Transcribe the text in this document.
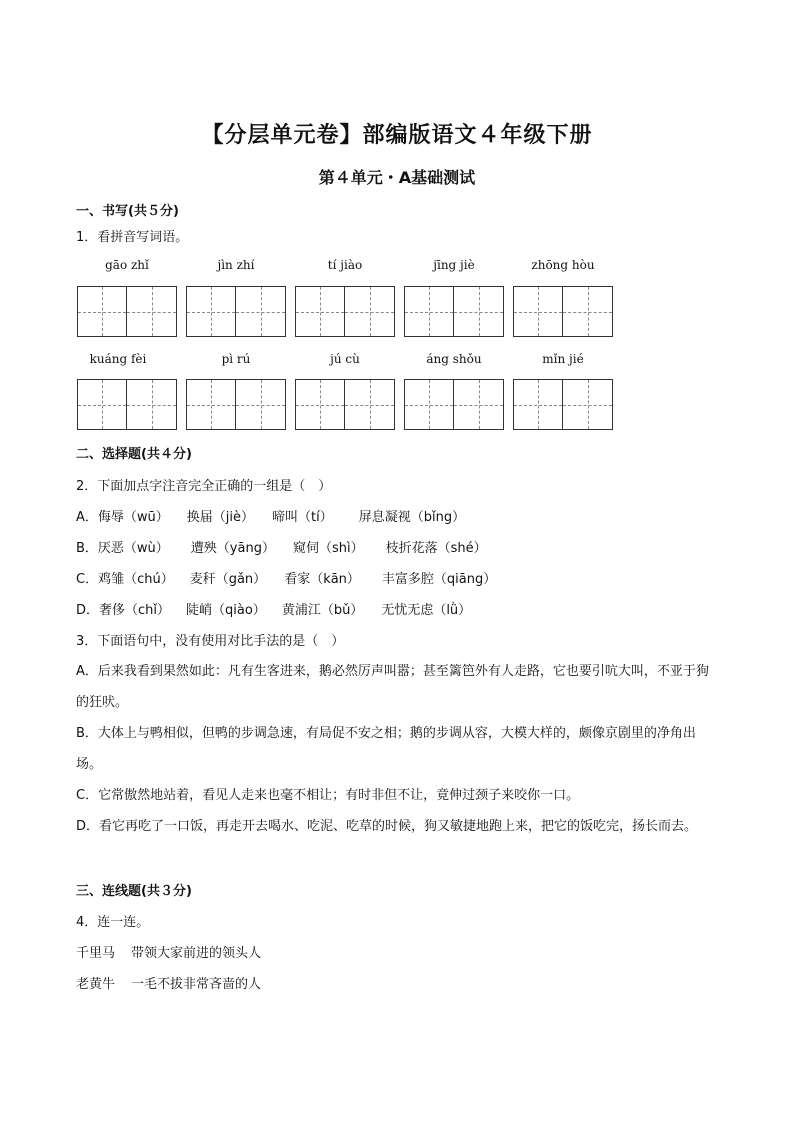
【分层单元卷】部编版语文４年级下册
第４单元・A基础测试
一、书写(共５分)
1．看拼音写词语。
gāo zhǐ	jìn zhí	tí jiào	jīng jiè	zhōng hòu
kuáng fèi	pì rú	jú cù	áng shǒu	mǐn jié
二、选择题(共４分)
2．下面加点字注音完全正确的一组是（　）
A．侮辱（wū） 换届（jiè） 啼叫（tí） 屏息凝视（bǐng）
B．厌恶（wù） 遭殃（yāng） 窥伺（shì） 枝折花落（shé）
C．鸡雏（chú） 麦秆（gǎn） 看家（kān） 丰富多腔（qiāng）
D．奢侈（chǐ） 陡峭（qiào） 黄浦江（bǔ） 无忧无虑（lǜ）
3．下面语句中，没有使用对比手法的是（　）
A．后来我看到果然如此：凡有生客进来，鹅必然厉声叫嚣；甚至篱笆外有人走路，它也要引吭大叫，不亚于狗的狂吠。
B．大体上与鸭相似，但鸭的步调急速，有局促不安之相；鹅的步调从容，大模大样的，颇像京剧里的净角出场。
C．它常傲然地站着，看见人走来也毫不相让；有时非但不让，竟伸过颈子来咬你一口。
D．看它再吃了一口饭，再走开去喝水、吃泥、吃草的时候，狗又敏捷地跑上来，把它的饭吃完，扬长而去。
三、连线题(共３分)
4．连一连。
千里马 带领大家前进的领头人
老黄牛 一毛不拔非常吝啬的人
